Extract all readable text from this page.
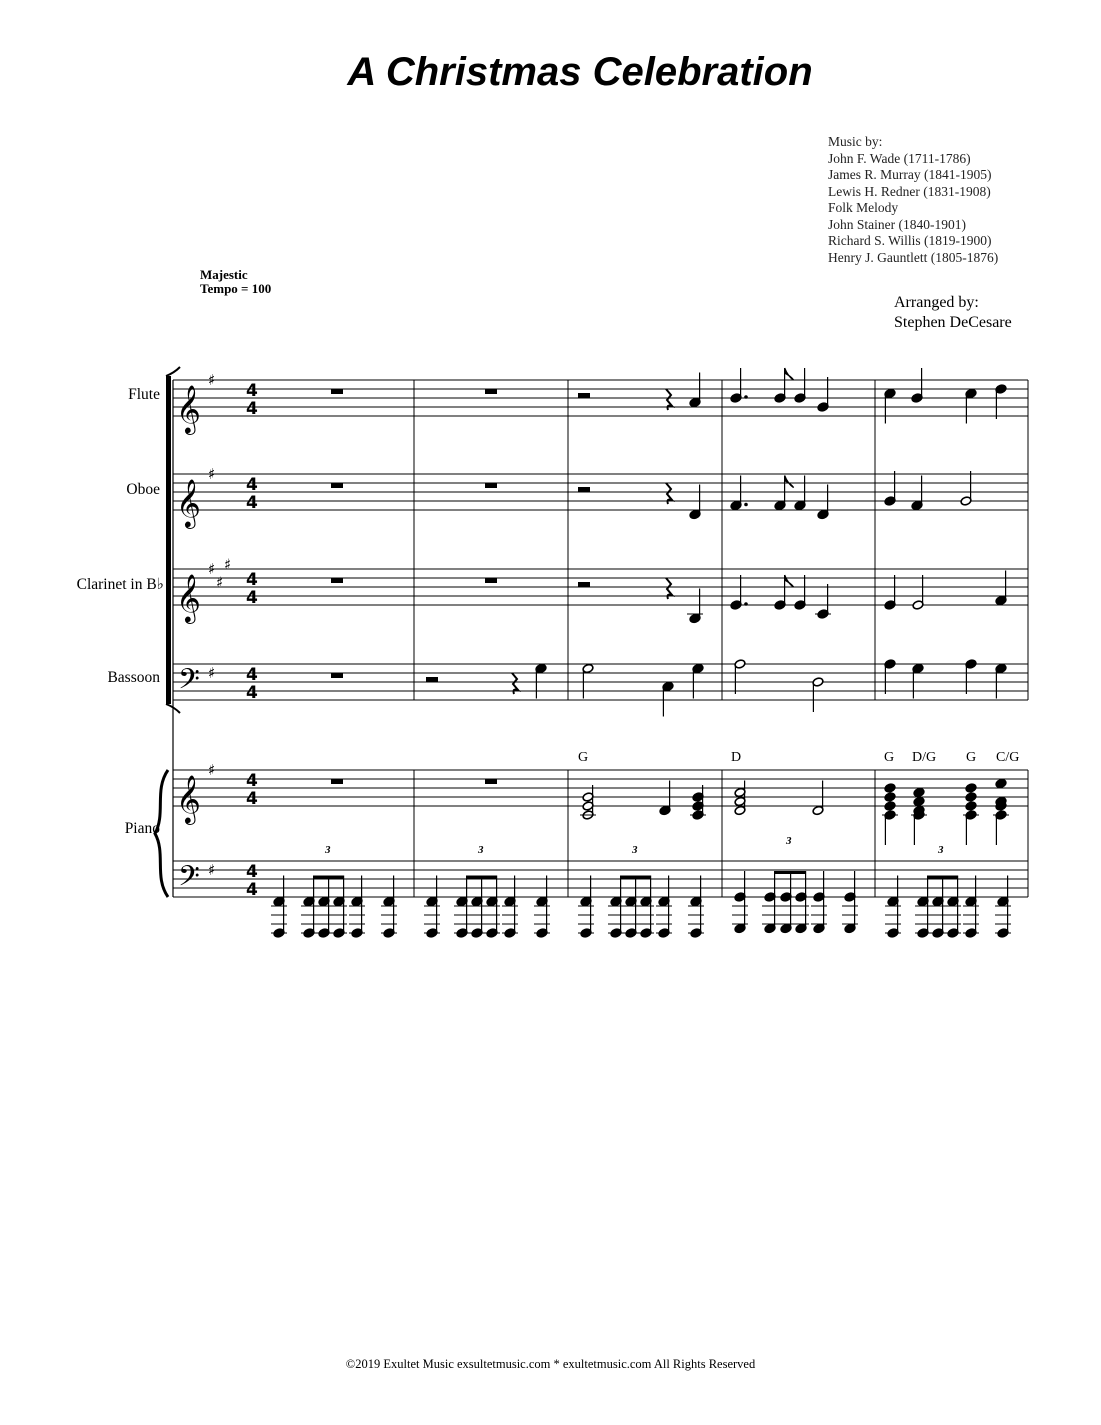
A Christmas Celebration
Music by:
John F. Wade (1711-1786)
James R. Murray (1841-1905)
Lewis H. Redner (1831-1908)
Folk Melody
John Stainer (1840-1901)
Richard S. Willis (1819-1900)
Henry J. Gauntlett (1805-1876)
Majestic
Tempo = 100
Arranged by:
Stephen DeCesare
Flute
Oboe
Clarinet in B♭
Bassoon
Piano
𝄞
♯
4
4
𝄞
♯
4
4
𝄞
♯
♯
♯
4
4
𝄢 ♯ 4
4
𝄞
♯
4
4
𝄢 ♯ 4
4
G	D	G D/G G C/G
3	3	3
3
3
©2019 Exultet Music exsultetmusic.com * exultetmusic.com All Rights Reserved
